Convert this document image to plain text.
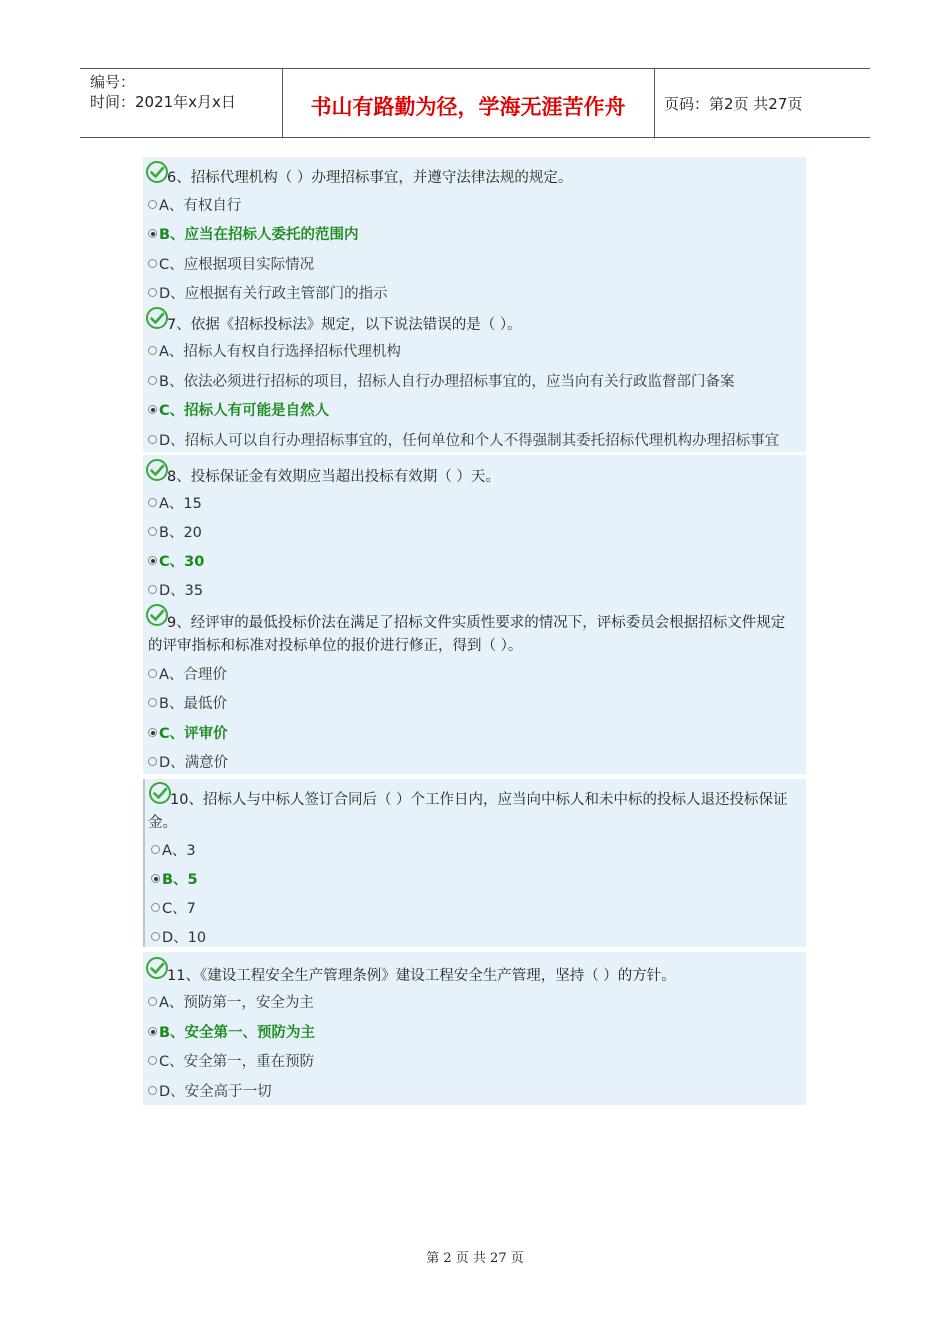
编号：
时间：2021年x月x日	书山有路勤为径，学海无涯苦作舟	页码：第2页 共27页
6、招标代理机构（ ）办理招标事宜，并遵守法律法规的规定。
A、有权自行
B、应当在招标人委托的范围内
C、应根据项目实际情况
D、应根据有关行政主管部门的指示
7、依据《招标投标法》规定，以下说法错误的是（ ）。
A、招标人有权自行选择招标代理机构
B、依法必须进行招标的项目，招标人自行办理招标事宜的，应当向有关行政监督部门备案
C、招标人有可能是自然人
D、招标人可以自行办理招标事宜的，任何单位和个人不得强制其委托招标代理机构办理招标事宜
8、投标保证金有效期应当超出投标有效期（ ）天。
A、15
B、20
C、30
D、35
9、经评审的最低投标价法在满足了招标文件实质性要求的情况下，评标委员会根据招标文件规定
的评审指标和标准对投标单位的报价进行修正，得到（ ）。
A、合理价
B、最低价
C、评审价
D、满意价
10、招标人与中标人签订合同后（ ）个工作日内，应当向中标人和未中标的投标人退还投标保证
金。
A、3
B、5
C、7
D、10
11、《建设工程安全生产管理条例》建设工程安全生产管理，坚持（ ）的方针。
A、预防第一，安全为主
B、安全第一、预防为主
C、安全第一，重在预防
D、安全高于一切
第 2 页 共 27 页
